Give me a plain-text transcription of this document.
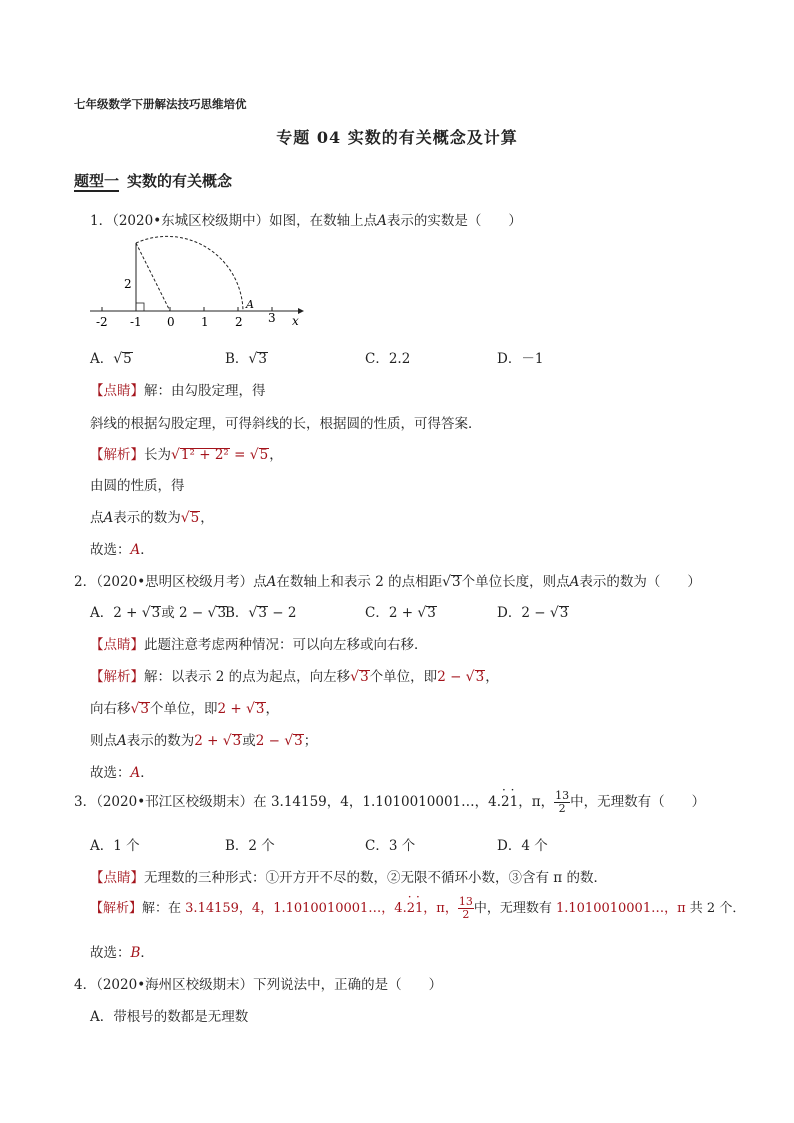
七年级数学下册解法技巧思维培优
专题 04 实数的有关概念及计算
题型一 实数的有关概念
1．（2020•东城区校级期中）如图，在数轴上点A表示的实数是（　　）
-2 -1 0 1 2 3 x
2
A
A．√5	B．√3	C．2.2	D．－1
【点睛】解：由勾股定理，得
斜线的根据勾股定理，可得斜线的长，根据圆的性质，可得答案．
【解析】长为√1² + 2² = √5，
由圆的性质，得
点A表示的数为√5，
故选：A．
2．（2020•思明区校级月考）点A在数轴上和表示 2 的点相距√3个单位长度，则点A表示的数为（　　）
A．2 + √3或 2 − √3
B．√3 − 2	C．2 + √3	D．2 − √3
【点睛】此题注意考虑两种情况：可以向左移或向右移．
【解析】解：以表示 2 的点为起点，向左移√3个单位，即2 − √3，
向右移√3个单位，即2 + √3，
则点A表示的数为2 + √3或2 − √3；
故选：A．
3．（2020•邗江区校级期末）在 3.14159，4，1.1010010001…，4.· 2· 1，π， $\frac{13}{2}$ 中，无理数有（　　）
A．1 个	B．2 个	C．3 个	D．4 个
【点睛】无理数的三种形式：①开方开不尽的数，②无限不循环小数，③含有 π 的数．
【解析】解：在 3.14159，4，1.1010010001…，4.· 2· 1，π， $\frac{13}{2}$ 中，无理数有 1.1010010001…，π 共 2 个．
故选：B．
4．（2020•海州区校级期末）下列说法中，正确的是（　　）
A．带根号的数都是无理数
